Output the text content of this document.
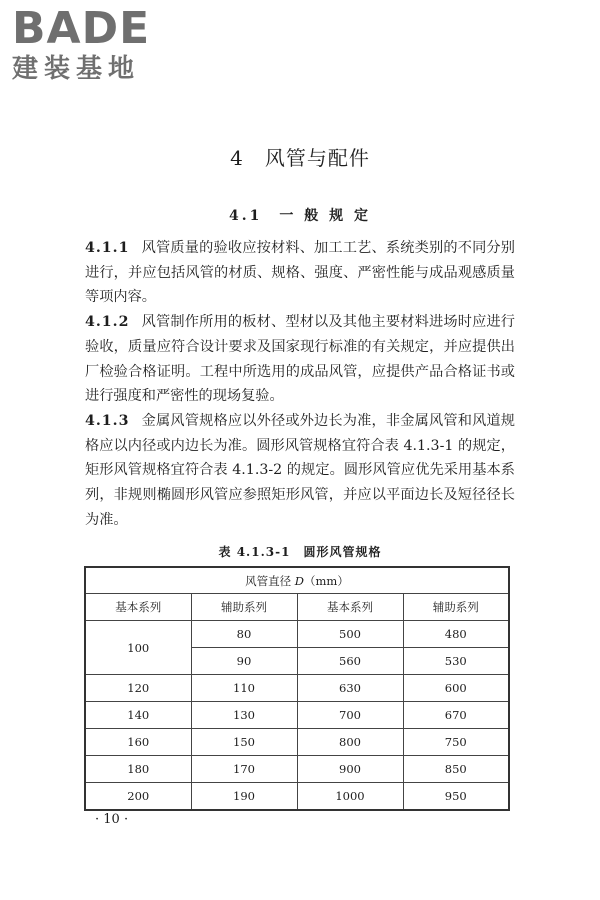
BADE
建装基地
4　风管与配件
4.1　一 般 规 定

4.1.1 风管质量的验收应按材料、加工工艺、系统类别的不同分别进行，并应包括风管的材质、规格、强度、严密性能与成品观感质量等项内容。

4.1.2 风管制作所用的板材、型材以及其他主要材料进场时应进行验收，质量应符合设计要求及国家现行标准的有关规定，并应提供出厂检验合格证明。工程中所选用的成品风管，应提供产品合格证书或进行强度和严密性的现场复验。

4.1.3 金属风管规格应以外径或外边长为准，非金属风管和风道规格应以内径或内边长为准。圆形风管规格宜符合表 4.1.3-1 的规定，矩形风管规格宜符合表 4.1.3-2 的规定。圆形风管应优先采用基本系列，非规则椭圆形风管应参照矩形风管，并应以平面边长及短径径长为准。

表 4.1.3-1　圆形风管规格
风管直径 D（mm）			
基本系列	辅助系列	基本系列	辅助系列
100	80	500	480
	90	560	530
120	110	630	600
140	130	700	670
160	150	800	750
180	170	900	850
200	190	1000	950
· 10 ·
